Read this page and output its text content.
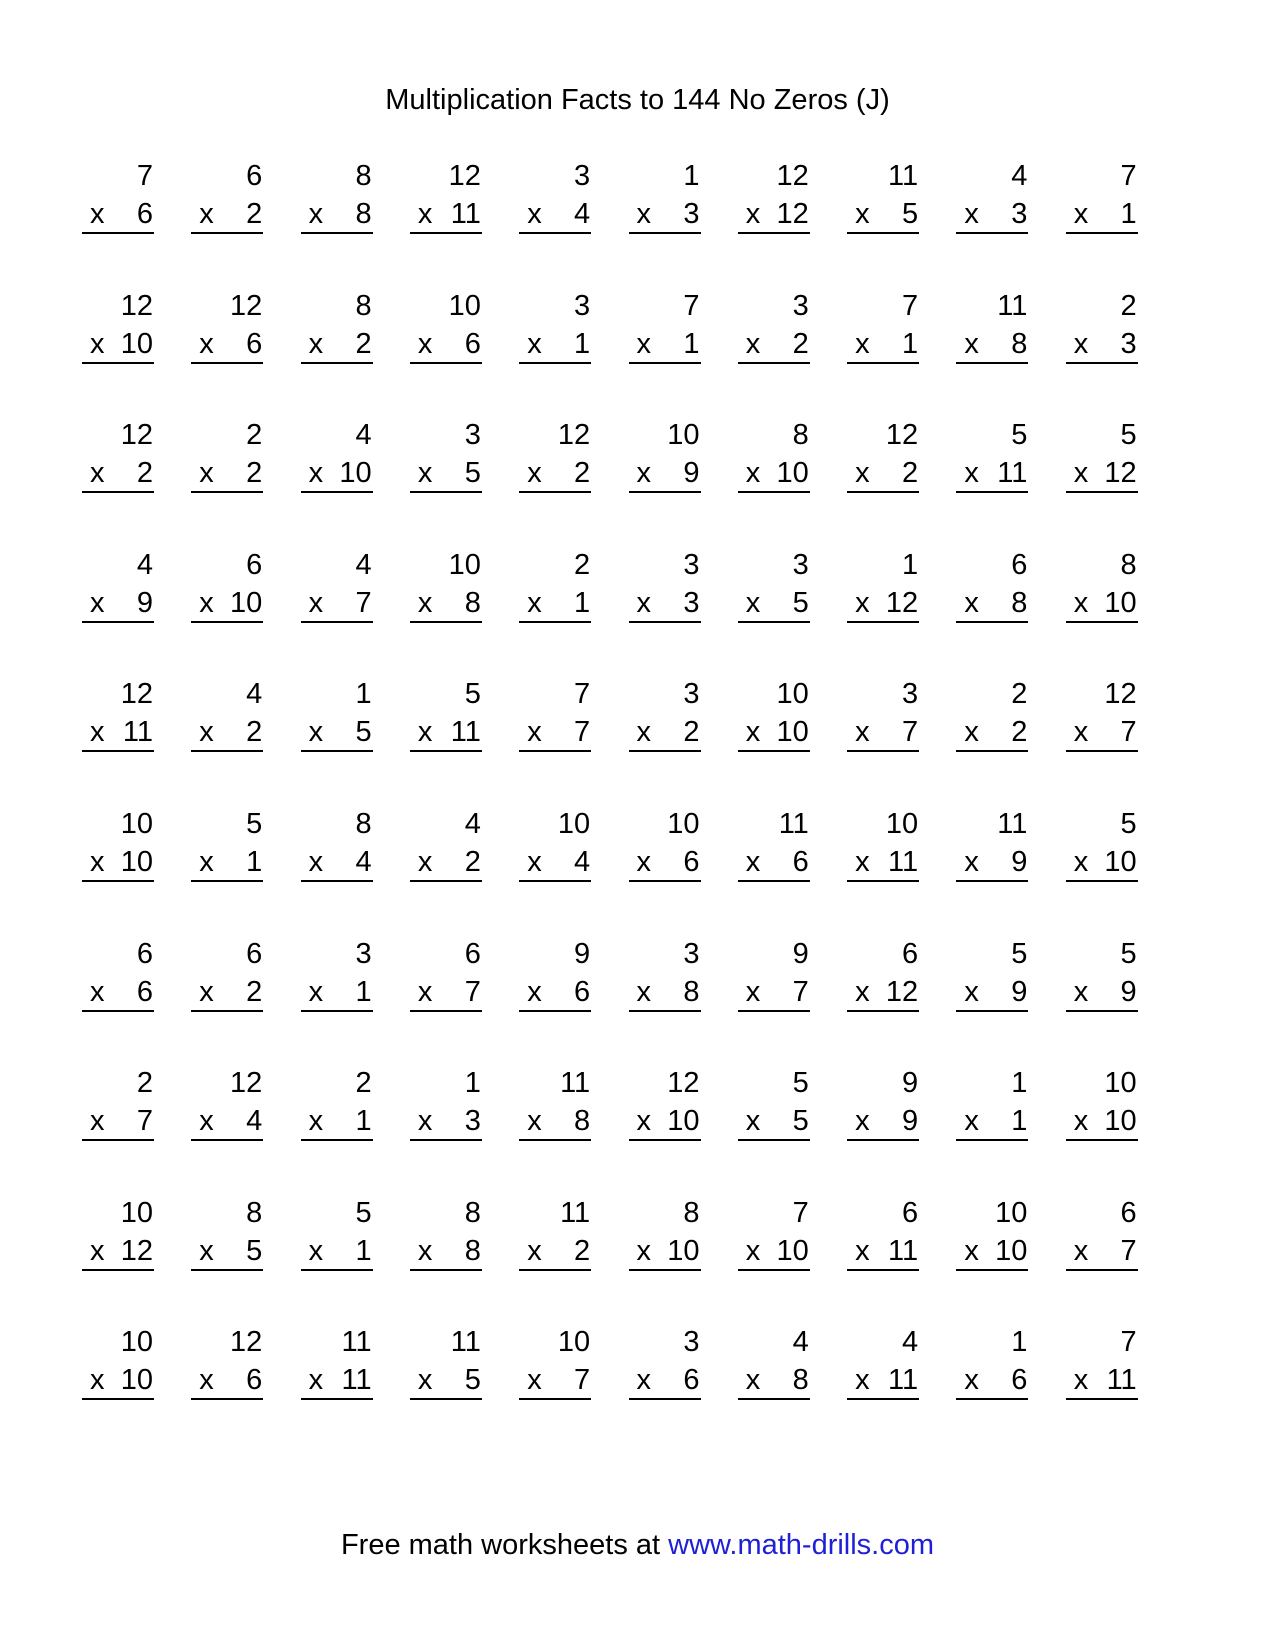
Multiplication Facts to 144 No Zeros (J)
7
x 6
6
x 2
8
x 8
12
x 11
3
x 4
1
x 3
12
x 12
11
x 5
4
x 3
7
x 1
12
x 10
12
x 6
8
x 2
10
x 6
3
x 1
7
x 1
3
x 2
7
x 1
11
x 8
2
x 3
12
x 2
2
x 2
4
x 10
3
x 5
12
x 2
10
x 9
8
x 10
12
x 2
5
x 11
5
x 12
4
x 9
6
x 10
4
x 7
10
x 8
2
x 1
3
x 3
3
x 5
1
x 12
6
x 8
8
x 10
12
x 11
4
x 2
1
x 5
5
x 11
7
x 7
3
x 2
10
x 10
3
x 7
2
x 2
12
x 7
10
x 10
5
x 1
8
x 4
4
x 2
10
x 4
10
x 6
11
x 6
10
x 11
11
x 9
5
x 10
6
x 6
6
x 2
3
x 1
6
x 7
9
x 6
3
x 8
9
x 7
6
x 12
5
x 9
5
x 9
2
x 7
12
x 4
2
x 1
1
x 3
11
x 8
12
x 10
5
x 5
9
x 9
1
x 1
10
x 10
10
x 12
8
x 5
5
x 1
8
x 8
11
x 2
8
x 10
7
x 10
6
x 11
10
x 10
6
x 7
10
x 10
12
x 6
11
x 11
11
x 5
10
x 7
3
x 6
4
x 8
4
x 11
1
x 6
7
x 11
Free math worksheets at www.math-drills.com
